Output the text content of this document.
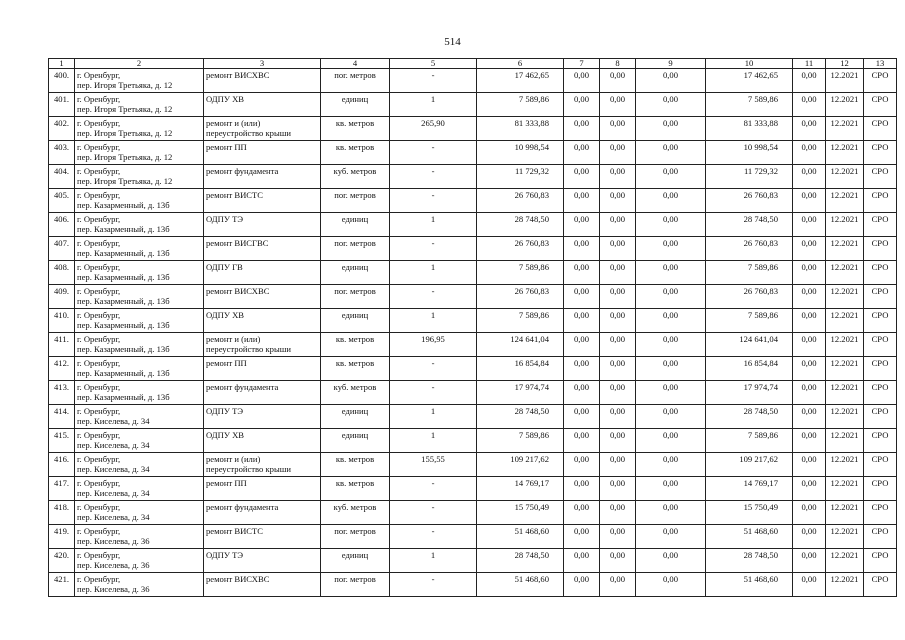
514
1	2	3	4	5	6	7	8	9	10	11	12	13
400.	г. Оренбург,
пер. Игоря Третьяка, д. 12	ремонт ВИСХВС	пог. метров	-	17 462,65	0,00	0,00	0,00	17 462,65	0,00	12.2021	СРО
401.	г. Оренбург,
пер. Игоря Третьяка, д. 12	ОДПУ ХВ	единиц	1	7 589,86	0,00	0,00	0,00	7 589,86	0,00	12.2021	СРО
402.	г. Оренбург,
пер. Игоря Третьяка, д. 12	ремонт и (или)
переустройство крыши	кв. метров	265,90	81 333,88	0,00	0,00	0,00	81 333,88	0,00	12.2021	СРО
403.	г. Оренбург,
пер. Игоря Третьяка, д. 12	ремонт ПП	кв. метров	-	10 998,54	0,00	0,00	0,00	10 998,54	0,00	12.2021	СРО
404.	г. Оренбург,
пер. Игоря Третьяка, д. 12	ремонт фундамента	куб. метров	-	11 729,32	0,00	0,00	0,00	11 729,32	0,00	12.2021	СРО
405.	г. Оренбург,
пер. Казарменный, д. 13б	ремонт ВИСТС	пог. метров	-	26 760,83	0,00	0,00	0,00	26 760,83	0,00	12.2021	СРО
406.	г. Оренбург,
пер. Казарменный, д. 13б	ОДПУ ТЭ	единиц	1	28 748,50	0,00	0,00	0,00	28 748,50	0,00	12.2021	СРО
407.	г. Оренбург,
пер. Казарменный, д. 13б	ремонт ВИСГВС	пог. метров	-	26 760,83	0,00	0,00	0,00	26 760,83	0,00	12.2021	СРО
408.	г. Оренбург,
пер. Казарменный, д. 13б	ОДПУ ГВ	единиц	1	7 589,86	0,00	0,00	0,00	7 589,86	0,00	12.2021	СРО
409.	г. Оренбург,
пер. Казарменный, д. 13б	ремонт ВИСХВС	пог. метров	-	26 760,83	0,00	0,00	0,00	26 760,83	0,00	12.2021	СРО
410.	г. Оренбург,
пер. Казарменный, д. 13б	ОДПУ ХВ	единиц	1	7 589,86	0,00	0,00	0,00	7 589,86	0,00	12.2021	СРО
411.	г. Оренбург,
пер. Казарменный, д. 13б	ремонт и (или)
переустройство крыши	кв. метров	196,95	124 641,04	0,00	0,00	0,00	124 641,04	0,00	12.2021	СРО
412.	г. Оренбург,
пер. Казарменный, д. 13б	ремонт ПП	кв. метров	-	16 854,84	0,00	0,00	0,00	16 854,84	0,00	12.2021	СРО
413.	г. Оренбург,
пер. Казарменный, д. 13б	ремонт фундамента	куб. метров	-	17 974,74	0,00	0,00	0,00	17 974,74	0,00	12.2021	СРО
414.	г. Оренбург,
пер. Киселева, д. 34	ОДПУ ТЭ	единиц	1	28 748,50	0,00	0,00	0,00	28 748,50	0,00	12.2021	СРО
415.	г. Оренбург,
пер. Киселева, д. 34	ОДПУ ХВ	единиц	1	7 589,86	0,00	0,00	0,00	7 589,86	0,00	12.2021	СРО
416.	г. Оренбург,
пер. Киселева, д. 34	ремонт и (или)
переустройство крыши	кв. метров	155,55	109 217,62	0,00	0,00	0,00	109 217,62	0,00	12.2021	СРО
417.	г. Оренбург,
пер. Киселева, д. 34	ремонт ПП	кв. метров	-	14 769,17	0,00	0,00	0,00	14 769,17	0,00	12.2021	СРО
418.	г. Оренбург,
пер. Киселева, д. 34	ремонт фундамента	куб. метров	-	15 750,49	0,00	0,00	0,00	15 750,49	0,00	12.2021	СРО
419.	г. Оренбург,
пер. Киселева, д. 36	ремонт ВИСТС	пог. метров	-	51 468,60	0,00	0,00	0,00	51 468,60	0,00	12.2021	СРО
420.	г. Оренбург,
пер. Киселева, д. 36	ОДПУ ТЭ	единиц	1	28 748,50	0,00	0,00	0,00	28 748,50	0,00	12.2021	СРО
421.	г. Оренбург,
пер. Киселева, д. 36	ремонт ВИСХВС	пог. метров	-	51 468,60	0,00	0,00	0,00	51 468,60	0,00	12.2021	СРО
